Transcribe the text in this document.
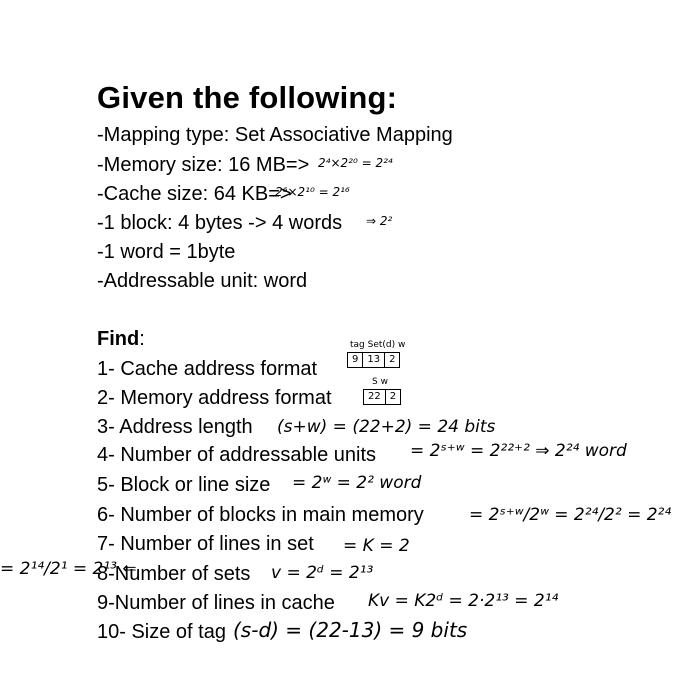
Given the following:
-Mapping type: Set Associative Mapping
-Memory size: 16 MB=>
-Cache size: 64 KB=>
-1 block: 4 bytes -> 4 words
-1 word = 1byte
-Addressable unit: word
2⁴×2²⁰ = 2²⁴
2⁶×2¹⁰ = 2¹⁶
⇒ 2²
Find:
1- Cache address format
2- Memory address format
3- Address length
4- Number of addressable units
5- Block or line size
6- Number of blocks in main memory
7- Number of lines in set
8-Number of sets
9-Number of lines in cache
10- Size of tag
tag Set(d) w
9 13 2
S w
22 2
(s+w) = (22+2) = 24 bits
= 2ˢ⁺ʷ = 2²²⁺² ⇒ 2²⁴ word
= 2ʷ = 2² word
= 2ˢ⁺ʷ/2ʷ = 2²⁴/2² = 2²⁴
= K = 2
v = 2ᵈ = 2¹³
= 2¹⁴/2¹ = 2¹³ ⇐
Kv = K2ᵈ = 2·2¹³ = 2¹⁴
(s-d) = (22-13) = 9 bits
